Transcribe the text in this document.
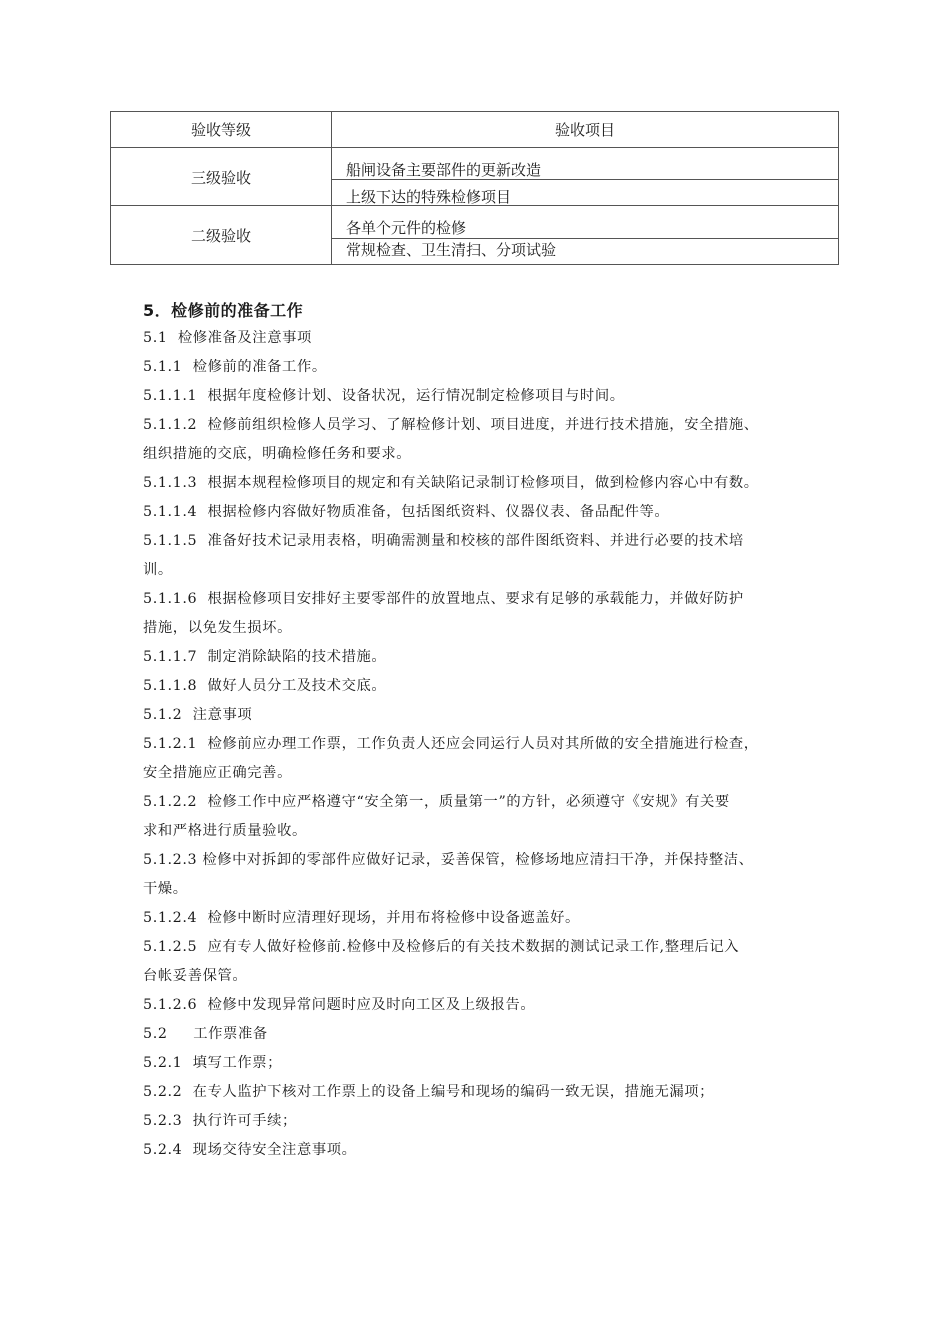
验收等级	验收项目
三级验收	船闸设备主要部件的更新改造
上级下达的特殊检修项目
二级验收	各单个元件的检修
常规检查、卫生清扫、分项试验
5．检修前的准备工作
5.1  检修准备及注意事项
5.1.1  检修前的准备工作。
5.1.1.1  根据年度检修计划、设备状况，运行情况制定检修项目与时间。
5.1.1.2  检修前组织检修人员学习、了解检修计划、项目进度，并进行技术措施，安全措施、
组织措施的交底，明确检修任务和要求。
5.1.1.3  根据本规程检修项目的规定和有关缺陷记录制订检修项目，做到检修内容心中有数。
5.1.1.4  根据检修内容做好物质准备，包括图纸资料、仪器仪表、备品配件等。
5.1.1.5  准备好技术记录用表格，明确需测量和校核的部件图纸资料、并进行必要的技术培
训。
5.1.1.6  根据检修项目安排好主要零部件的放置地点、要求有足够的承载能力，并做好防护
措施，以免发生损坏。
5.1.1.7  制定消除缺陷的技术措施。
5.1.1.8  做好人员分工及技术交底。
5.1.2  注意事项
5.1.2.1  检修前应办理工作票，工作负责人还应会同运行人员对其所做的安全措施进行检查，
安全措施应正确完善。
5.1.2.2  检修工作中应严格遵守“安全第一，质量第一”的方针，必须遵守《安规》有关要
求和严格进行质量验收。
5.1.2.3 检修中对拆卸的零部件应做好记录，妥善保管，检修场地应清扫干净，并保持整洁、
干燥。
5.1.2.4  检修中断时应清理好现场，并用布将检修中设备遮盖好。
5.1.2.5  应有专人做好检修前.检修中及检修后的有关技术数据的测试记录工作,整理后记入
台帐妥善保管。
5.1.2.6  检修中发现异常问题时应及时向工区及上级报告。
5.2     工作票准备
5.2.1  填写工作票；
5.2.2  在专人监护下核对工作票上的设备上编号和现场的编码一致无误，措施无漏项；
5.2.3  执行许可手续；
5.2.4  现场交待安全注意事项。
